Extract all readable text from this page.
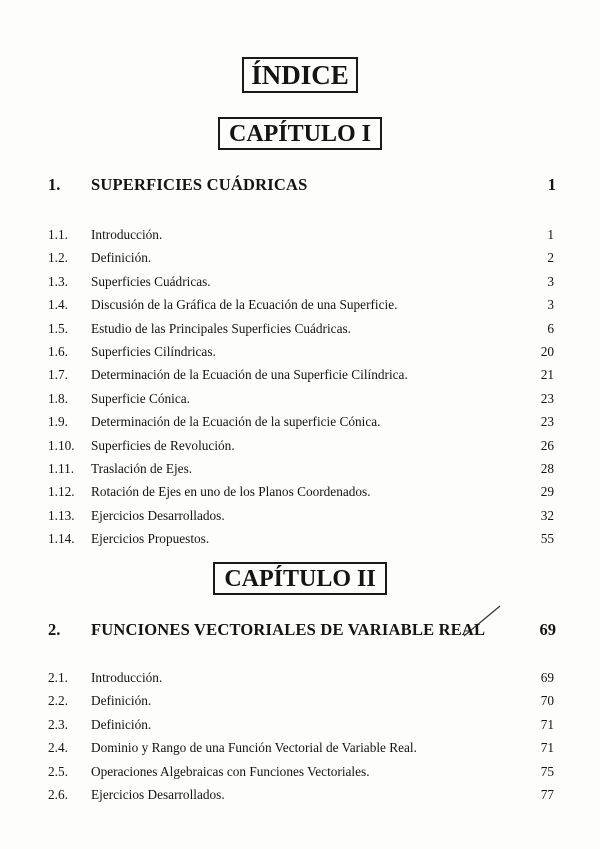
ÍNDICE
CAPÍTULO I
1. SUPERFICIES CUÁDRICAS	1
1.1. Introducción.	1
1.2. Definición.	2
1.3. Superficies Cuádricas.	3
1.4. Discusión de la Gráfica de la Ecuación de una Superficie.	3
1.5. Estudio de las Principales Superficies Cuádricas.	6
1.6. Superficies Cilíndricas.	20
1.7. Determinación de la Ecuación de una Superficie Cilíndrica.	21
1.8. Superficie Cónica.	23
1.9. Determinación de la Ecuación de la superficie Cónica.	23
1.10. Superficies de Revolución.	26
1.11. Traslación de Ejes.	28
1.12. Rotación de Ejes en uno de los Planos Coordenados.	29
1.13. Ejercicios Desarrollados.	32
1.14. Ejercicios Propuestos.	55
CAPÍTULO II
2. FUNCIONES VECTORIALES DE VARIABLE REAL	69
2.1. Introducción.	69
2.2. Definición.	70
2.3. Definición.	71
2.4. Dominio y Rango de una Función Vectorial de Variable Real.	71
2.5. Operaciones Algebraicas con Funciones Vectoriales.	75
2.6. Ejercicios Desarrollados.	77
